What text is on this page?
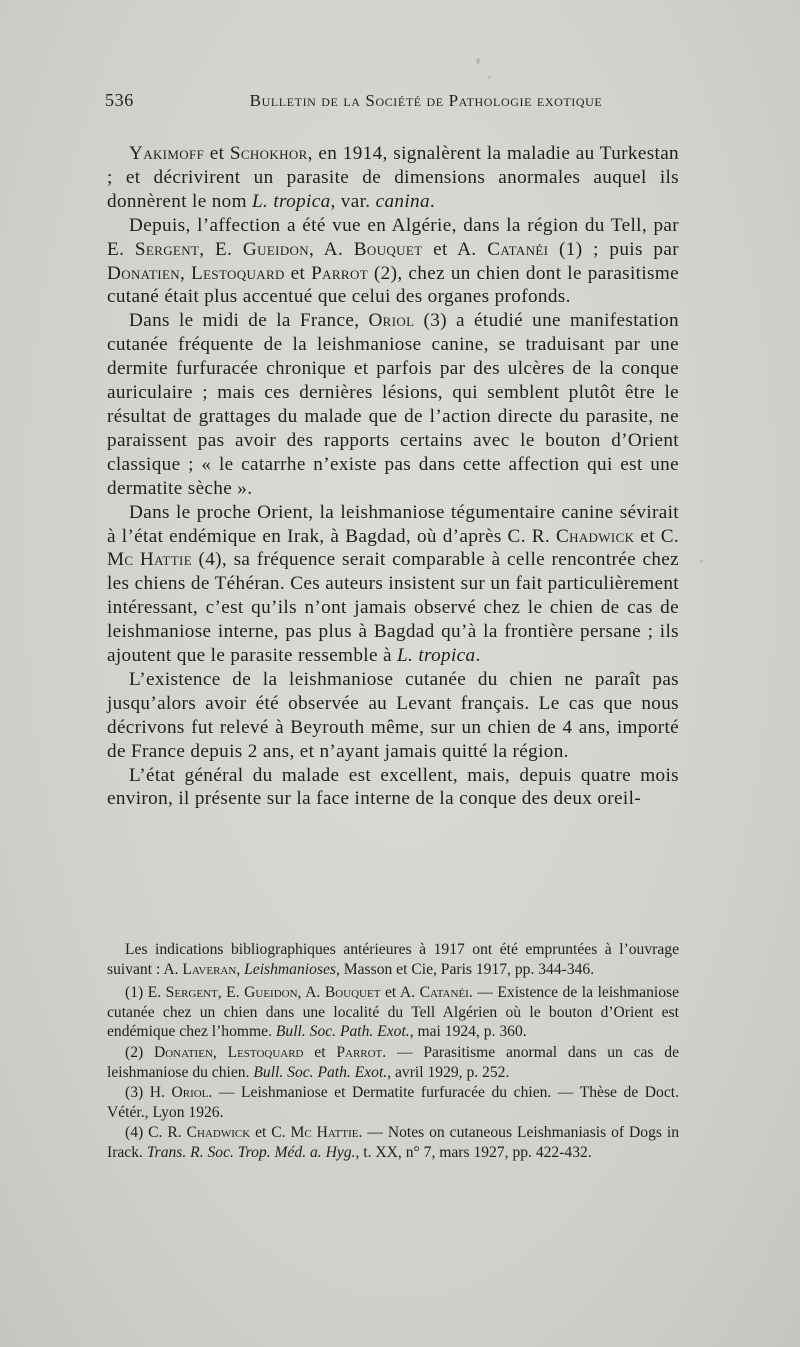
536	Bulletin de la Société de Pathologie exotique

Yakimoff et Schokhor, en 1914, signalèrent la maladie au Turkestan ; et décrivirent un parasite de dimensions anormales auquel ils donnèrent le nom L. tropica, var. canina.

Depuis, l’affection a été vue en Algérie, dans la région du Tell, par E. Sergent, E. Gueidon, A. Bouquet et A. Catanéi (1) ; puis par Donatien, Lestoquard et Parrot (2), chez un chien dont le parasitisme cutané était plus accentué que celui des organes profonds.

Dans le midi de la France, Oriol (3) a étudié une manifestation cutanée fréquente de la leishmaniose canine, se traduisant par une dermite furfuracée chronique et parfois par des ulcères de la conque auriculaire ; mais ces dernières lésions, qui semblent plutôt être le résultat de grattages du malade que de l’action directe du parasite, ne paraissent pas avoir des rapports certains avec le bouton d’Orient classique ; « le catarrhe n’existe pas dans cette affection qui est une dermatite sèche ».

Dans le proche Orient, la leishmaniose tégumentaire canine sévirait à l’état endémique en Irak, à Bagdad, où d’après C. R. Chadwick et C. Mc Hattie (4), sa fréquence serait comparable à celle rencontrée chez les chiens de Téhéran. Ces auteurs insistent sur un fait particulièrement intéressant, c’est qu’ils n’ont jamais observé chez le chien de cas de leishmaniose interne, pas plus à Bagdad qu’à la frontière persane ; ils ajoutent que le parasite ressemble à L. tropica.

L’existence de la leishmaniose cutanée du chien ne paraît pas jusqu’alors avoir été observée au Levant français. Le cas que nous décrivons fut relevé à Beyrouth même, sur un chien de 4 ans, importé de France depuis 2 ans, et n’ayant jamais quitté la région.

L’état général du malade est excellent, mais, depuis quatre mois environ, il présente sur la face interne de la conque des deux oreil-

Les indications bibliographiques antérieures à 1917 ont été empruntées à l’ouvrage suivant : A. Laveran, Leishmanioses, Masson et Cie, Paris 1917, pp. 344-346.

(1) E. Sergent, E. Gueidon, A. Bouquet et A. Catanéi. — Existence de la leishmaniose cutanée chez un chien dans une localité du Tell Algérien où le bouton d’Orient est endémique chez l’homme. Bull. Soc. Path. Exot., mai 1924, p. 360.

(2) Donatien, Lestoquard et Parrot. — Parasitisme anormal dans un cas de leishmaniose du chien. Bull. Soc. Path. Exot., avril 1929, p. 252.

(3) H. Oriol. — Leishmaniose et Dermatite furfuracée du chien. — Thèse de Doct. Vétér., Lyon 1926.

(4) C. R. Chadwick et C. Mc Hattie. — Notes on cutaneous Leishmaniasis of Dogs in Irack. Trans. R. Soc. Trop. Méd. a. Hyg., t. XX, n° 7, mars 1927, pp. 422-432.
